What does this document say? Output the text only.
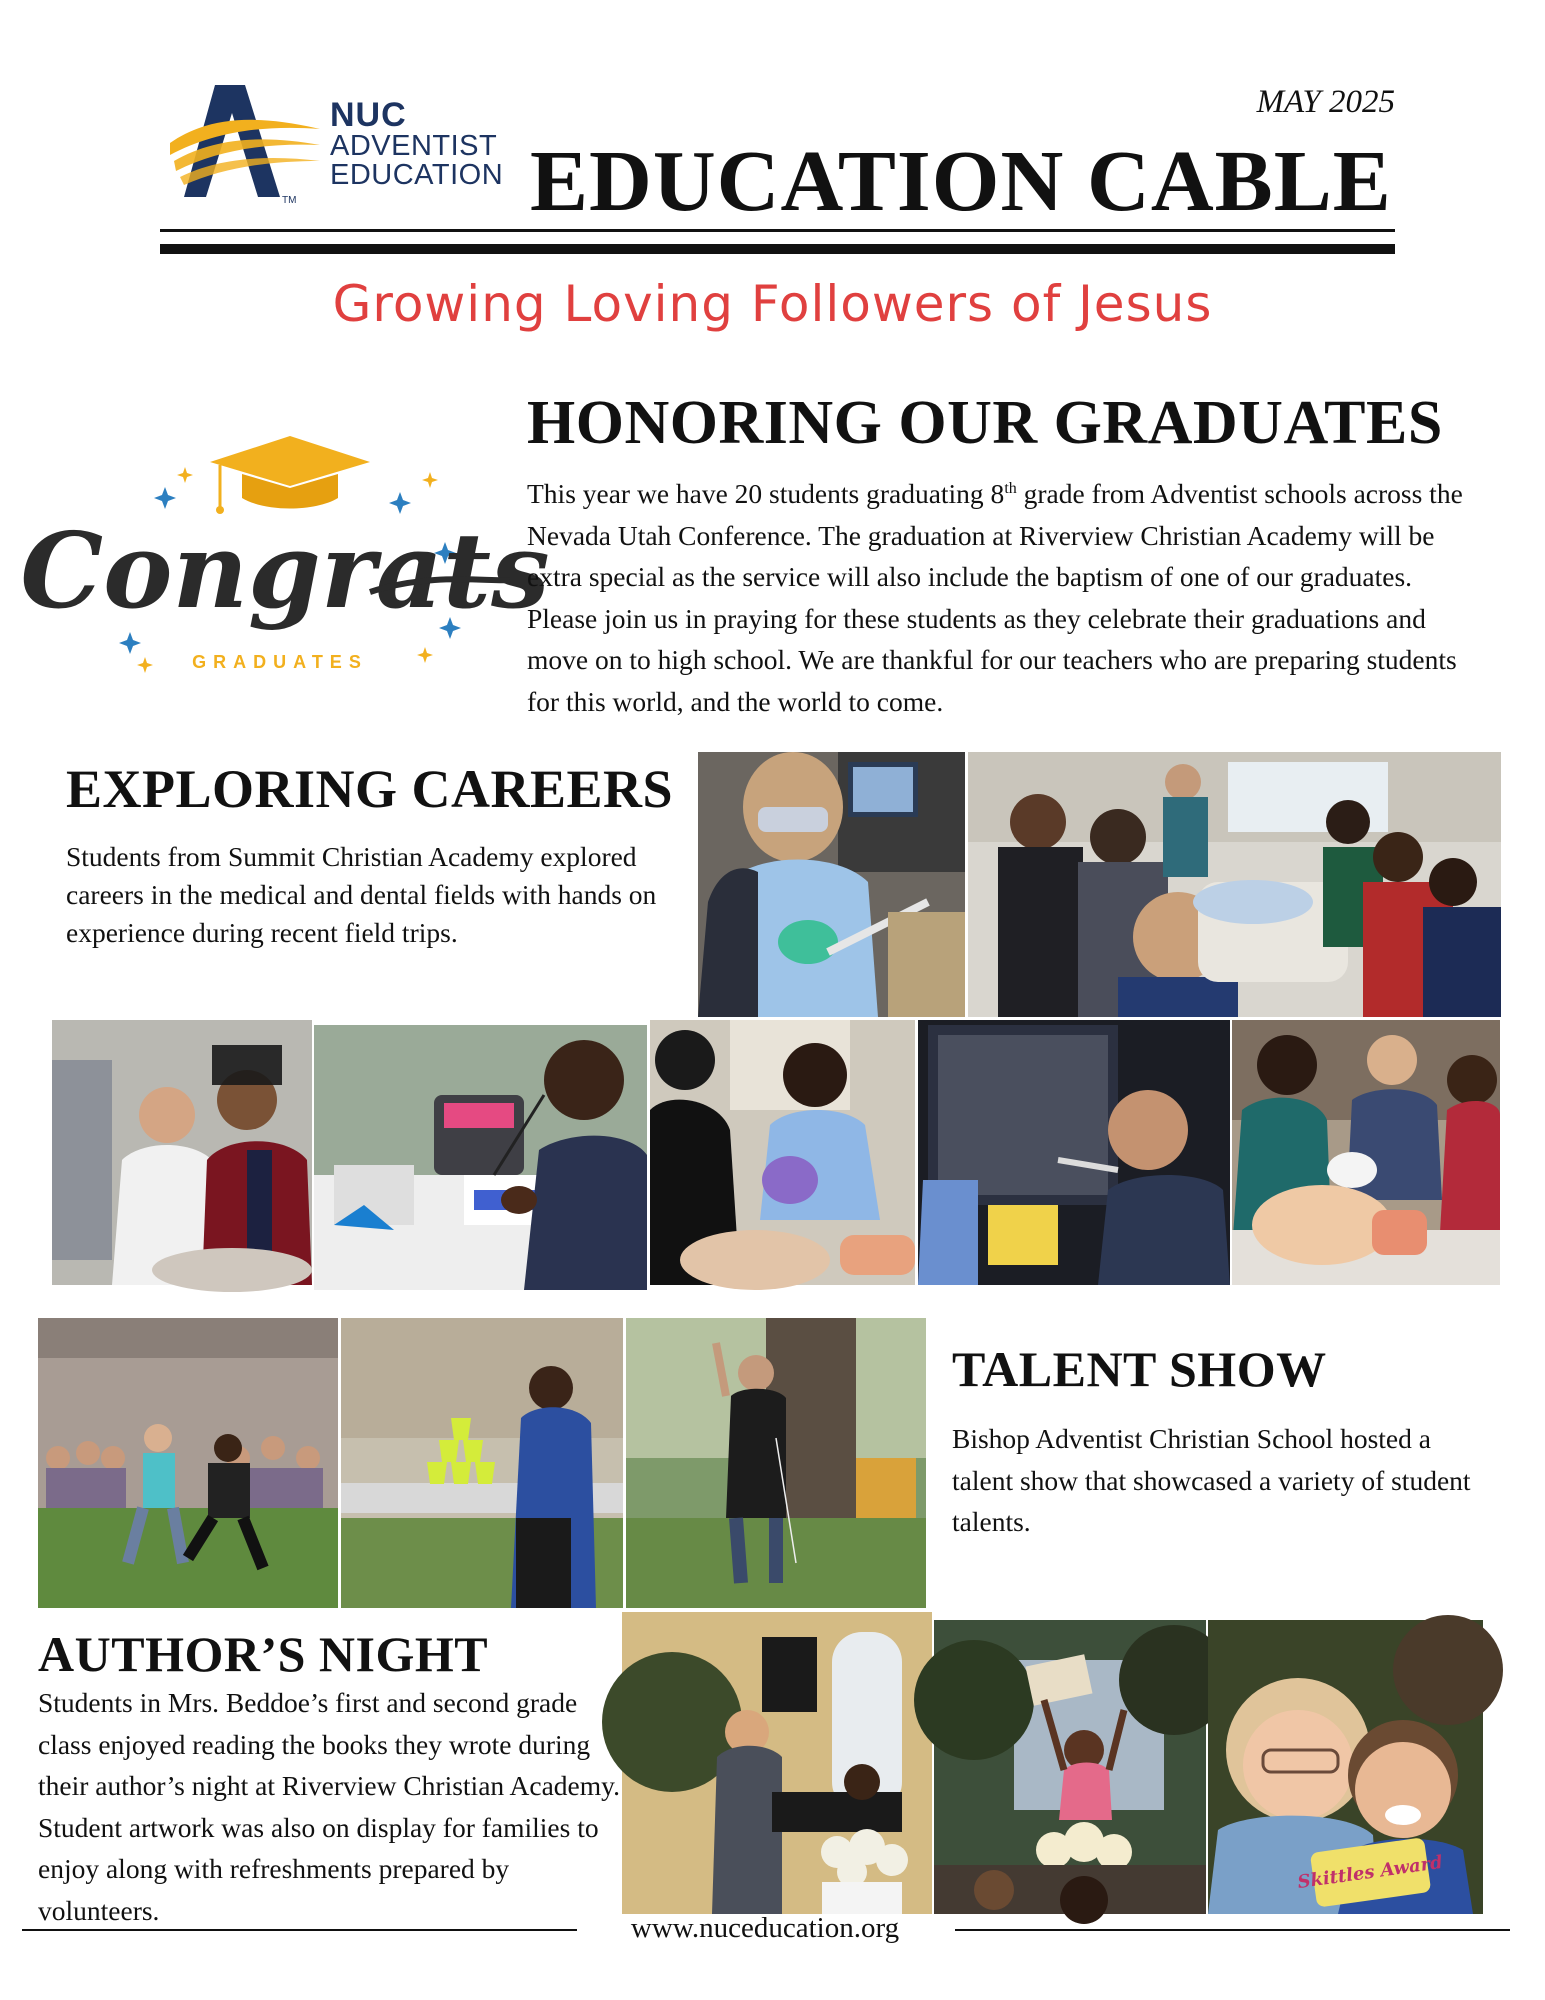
TM
NUC
ADVENTIST
EDUCATION
MAY 2025
EDUCATION CABLE
Growing Loving Followers of Jesus
Congrats
GRADUATES
HONORING OUR GRADUATES

This year we have 20 students graduating 8th grade from Adventist schools across the Nevada Utah Conference. The graduation at Riverview Christian Academy will be extra special as the service will also include the baptism of one of our graduates. Please join us in praying for these students as they celebrate their graduations and move on to high school. We are thankful for our teachers who are preparing students for this world, and the world to come.

EXPLORING CAREERS

Students from Summit Christian Academy explored careers in the medical and dental fields with hands on experience during recent field trips.

TALENT SHOW

Bishop Adventist Christian School hosted a talent show that showcased a variety of student talents.

AUTHOR’S NIGHT

Students in Mrs. Beddoe’s first and second grade class enjoyed reading the books they wrote during their author’s night at Riverview Christian Academy. Student artwork was also on display for families to enjoy along with refreshments prepared by volunteers.

Skittles Award
www.nuceducation.org
